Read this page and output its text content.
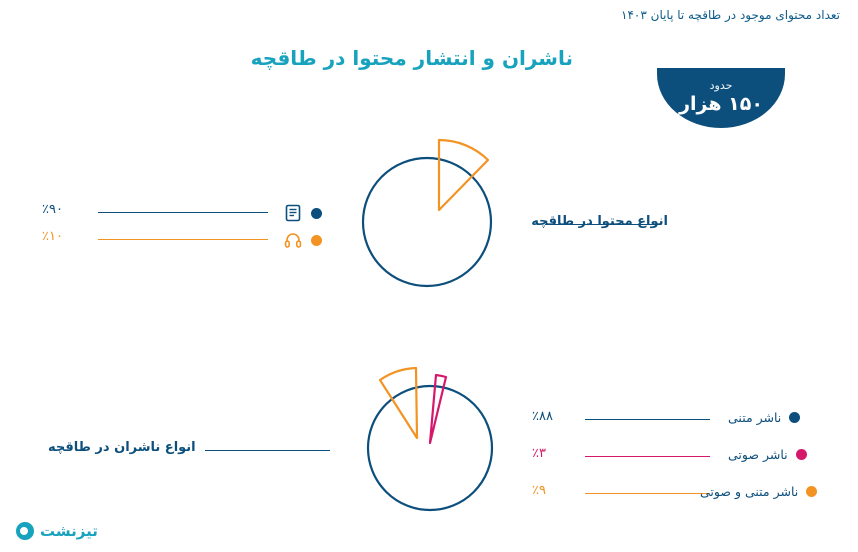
تعداد محتوای موجود در طاقچه تا پایان ۱۴۰۳
ناشران و انتشار محتوا در طاقچه
حدود
۱۵۰ هزار
انواع محتوا در طاقچه
٪۹۰
٪۱۰
انواع ناشران در طاقچه
٪۸۸	ناشر متنی
٪۳	ناشر صوتی
٪۹	ناشر متنی و صوتی
تیزنشت
